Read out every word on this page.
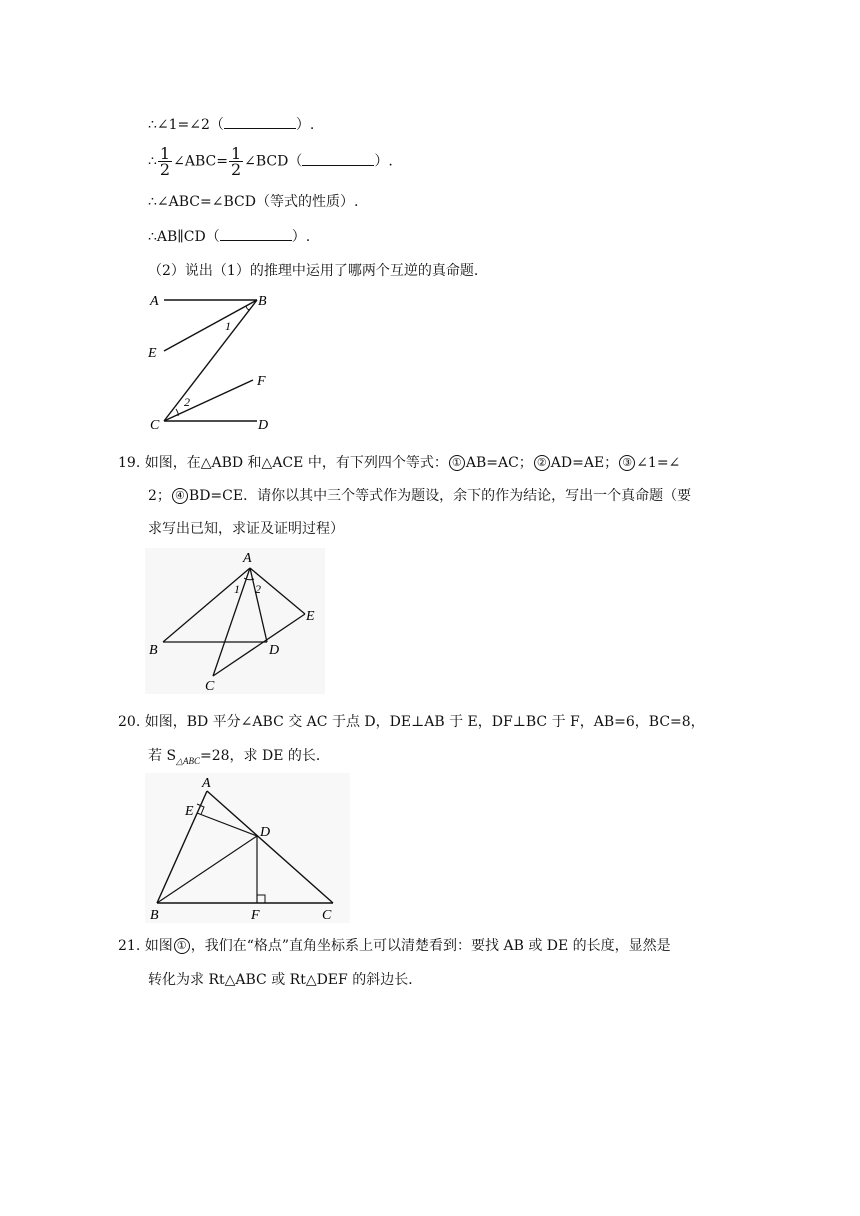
∴∠1=∠2（	）.
∴ $\frac{1}{2}$ ∠ABC= $\frac{1}{2}$ ∠BCD（	）.
∴∠ABC=∠BCD（等式的性质）.
∴AB∥CD（	）.
（2）说出（1）的推理中运用了哪两个互逆的真命题.
A	B
E
F
C	D
1
2
19. 如图，在△ABD 和△ACE 中，有下列四个等式： ① AB=AC； ② AD=AE； ③ ∠1=∠
2； ④ BD=CE．请你以其中三个等式作为题设，余下的作为结论，写出一个真命题（要
求写出已知，求证及证明过程）
A
B	D
E
C
1 2
20. 如图，BD 平分∠ABC 交 AC 于点 D，DE⊥AB 于 E，DF⊥BC 于 F，AB=6，BC=8，
若 $S_{\triangle ABC}=28$，求 DE 的长．
A
E
D
B	F	C
21. 如图 ① ，我们在“格点”直角坐标系上可以清楚看到：要找 AB 或 DE 的长度，显然是
转化为求 Rt△ABC 或 Rt△DEF 的斜边长．
